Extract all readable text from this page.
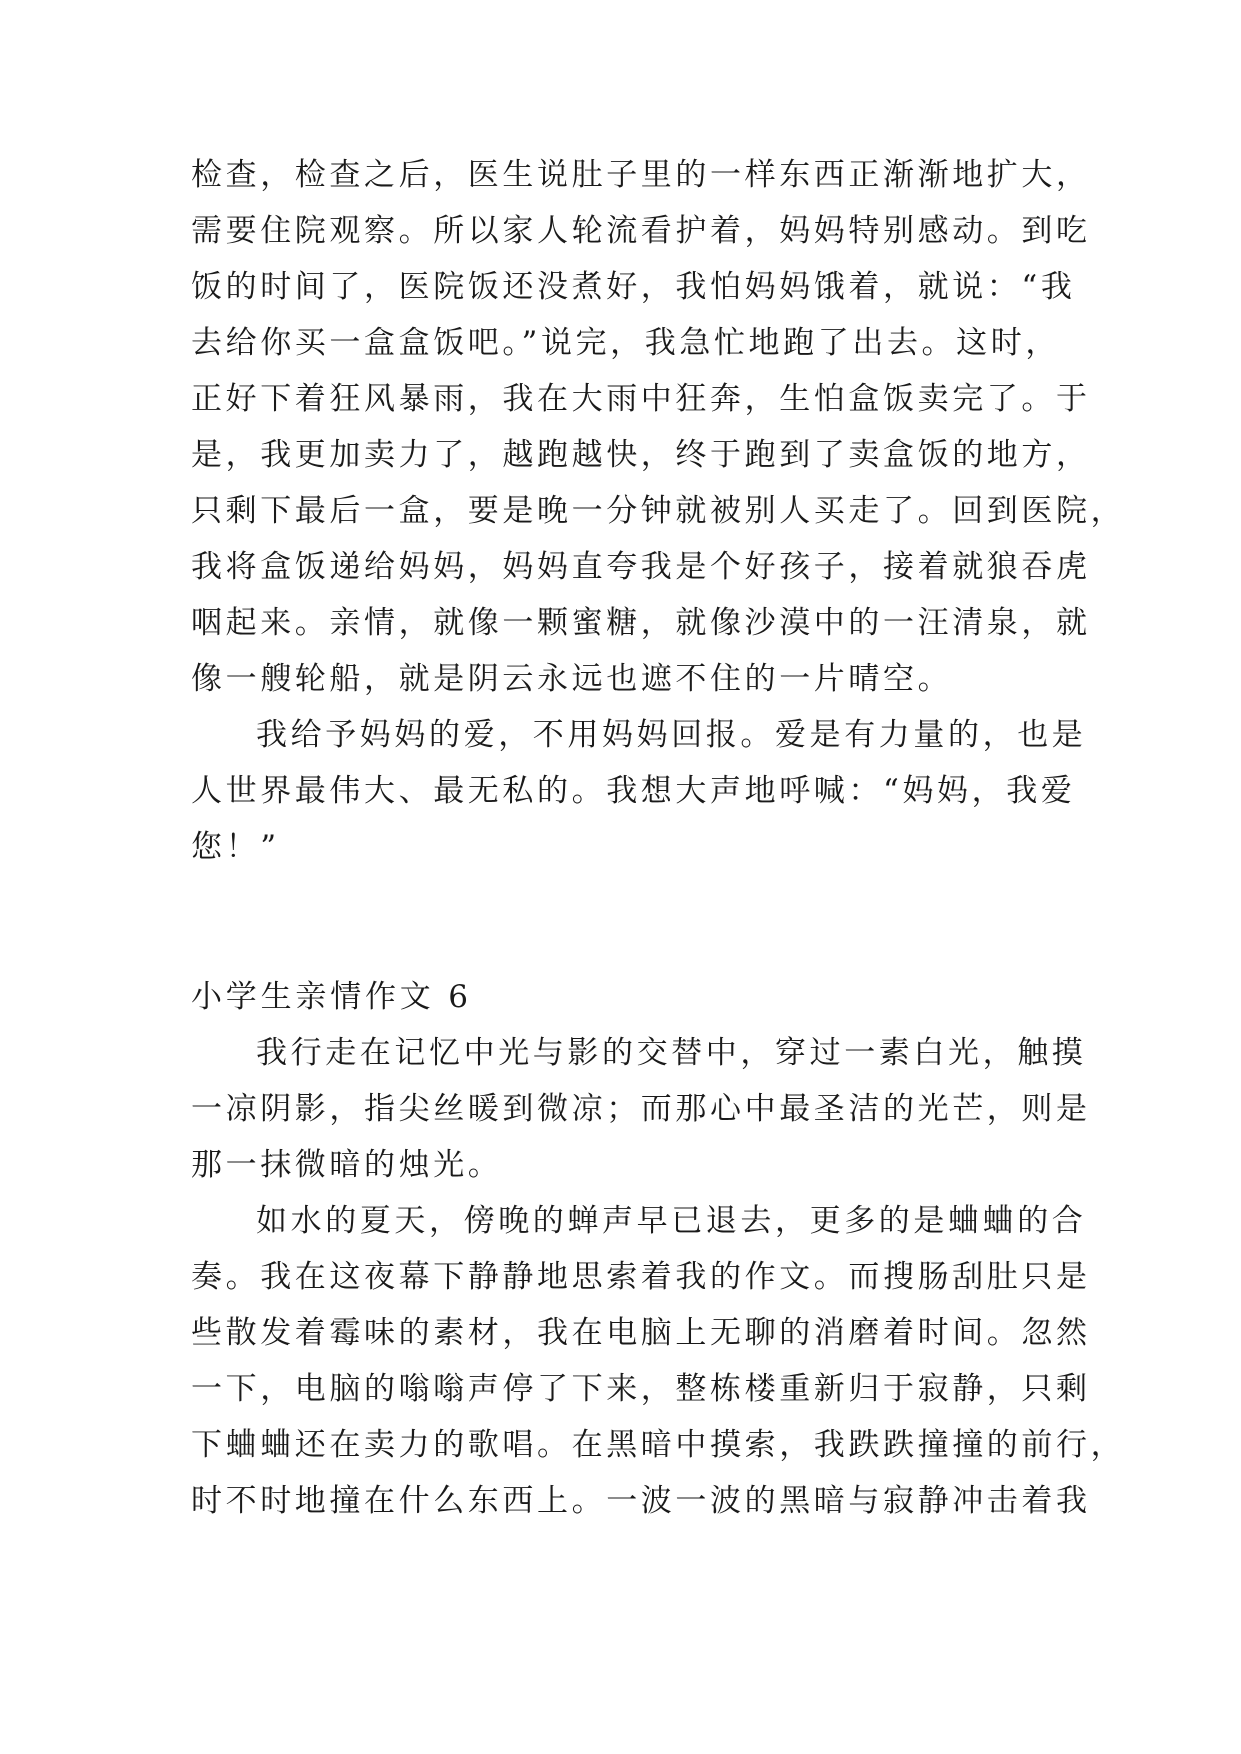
检查，检查之后，医生说肚子里的一样东西正渐渐地扩大，
需要住院观察。所以家人轮流看护着，妈妈特别感动。到吃
饭的时间了，医院饭还没煮好，我怕妈妈饿着，就说：“我
去给你买一盒盒饭吧。”说完，我急忙地跑了出去。这时，
正好下着狂风暴雨，我在大雨中狂奔，生怕盒饭卖完了。于
是，我更加卖力了，越跑越快，终于跑到了卖盒饭的地方，
只剩下最后一盒，要是晚一分钟就被别人买走了。回到医院，
我将盒饭递给妈妈，妈妈直夸我是个好孩子，接着就狼吞虎
咽起来。亲情，就像一颗蜜糖，就像沙漠中的一汪清泉，就
像一艘轮船，就是阴云永远也遮不住的一片晴空。
我给予妈妈的爱，不用妈妈回报。爱是有力量的，也是
人世界最伟大、最无私的。我想大声地呼喊：“妈妈，我爱
您！”
小学生亲情作文 6
我行走在记忆中光与影的交替中，穿过一素白光，触摸
一凉阴影，指尖丝暖到微凉；而那心中最圣洁的光芒，则是
那一抹微暗的烛光。
如水的夏天，傍晚的蝉声早已退去，更多的是蛐蛐的合
奏。我在这夜幕下静静地思索着我的作文。而搜肠刮肚只是
些散发着霉味的素材，我在电脑上无聊的消磨着时间。忽然
一下，电脑的嗡嗡声停了下来，整栋楼重新归于寂静，只剩
下蛐蛐还在卖力的歌唱。在黑暗中摸索，我跌跌撞撞的前行，
时不时地撞在什么东西上。一波一波的黑暗与寂静冲击着我
